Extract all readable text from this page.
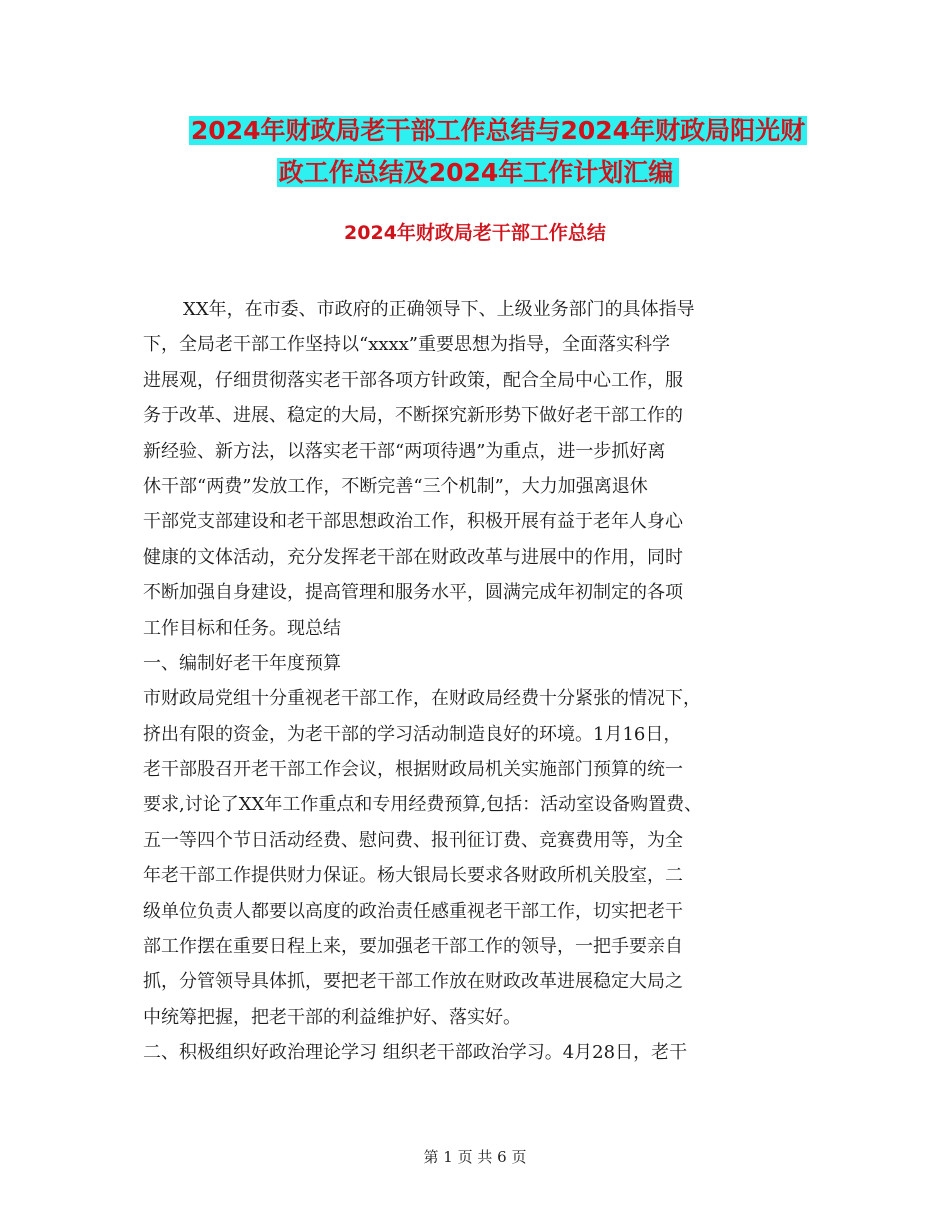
2024年财政局老干部工作总结与2024年财政局阳光财
政工作总结及2024年工作计划汇编
2024年财政局老干部工作总结
XX年，在市委、市政府的正确领导下、上级业务部门的具体指导
下，全局老干部工作坚持以“xxxx”重要思想为指导，全面落实科学
进展观，仔细贯彻落实老干部各项方针政策，配合全局中心工作，服
务于改革、进展、稳定的大局，不断探究新形势下做好老干部工作的
新经验、新方法，以落实老干部“两项待遇”为重点，进一步抓好离
休干部“两费”发放工作，不断完善“三个机制”，大力加强离退休
干部党支部建设和老干部思想政治工作，积极开展有益于老年人身心
健康的文体活动，充分发挥老干部在财政改革与进展中的作用，同时
不断加强自身建设，提高管理和服务水平，圆满完成年初制定的各项
工作目标和任务。现总结
一、编制好老干年度预算
市财政局党组十分重视老干部工作，在财政局经费十分紧张的情况下，
挤出有限的资金，为老干部的学习活动制造良好的环境。1月16日，
老干部股召开老干部工作会议，根据财政局机关实施部门预算的统一
要求,讨论了XX年工作重点和专用经费预算,包括：活动室设备购置费、
五一等四个节日活动经费、慰问费、报刊征订费、竞赛费用等，为全
年老干部工作提供财力保证。杨大银局长要求各财政所机关股室，二
级单位负责人都要以高度的政治责任感重视老干部工作，切实把老干
部工作摆在重要日程上来，要加强老干部工作的领导，一把手要亲自
抓，分管领导具体抓，要把老干部工作放在财政改革进展稳定大局之
中统筹把握，把老干部的利益维护好、落实好。
二、积极组织好政治理论学习 组织老干部政治学习。4月28日，老干
第 1 页 共 6 页
